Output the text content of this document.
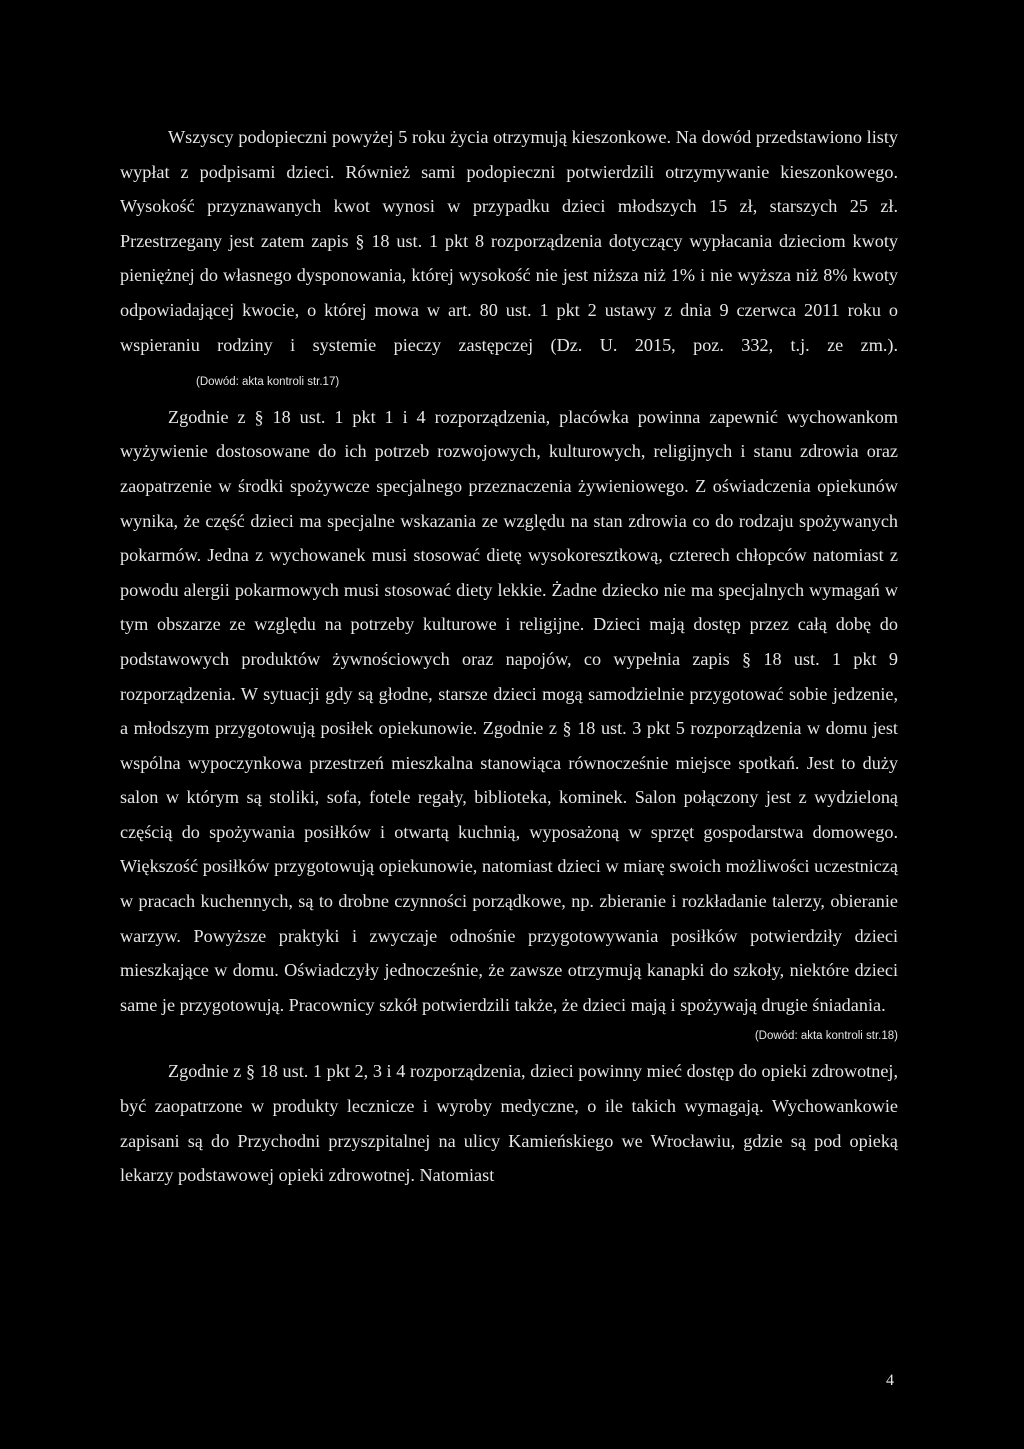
Wszyscy podopieczni powyżej 5 roku życia otrzymują kieszonkowe. Na dowód przedstawiono listy wypłat z podpisami dzieci. Również sami podopieczni potwierdzili otrzymywanie kieszonkowego. Wysokość przyznawanych kwot wynosi w przypadku dzieci młodszych 15 zł, starszych 25 zł. Przestrzegany jest zatem zapis § 18 ust. 1 pkt 8 rozporządzenia dotyczący wypłacania dzieciom kwoty pieniężnej do własnego dysponowania, której wysokość nie jest niższa niż 1% i nie wyższa niż 8% kwoty odpowiadającej kwocie, o której mowa w art. 80 ust. 1 pkt 2 ustawy z dnia 9 czerwca 2011 roku o wspieraniu rodziny i systemie pieczy zastępczej (Dz. U. 2015, poz. 332, t.j. ze zm.).(Dowód: akta kontroli str.17)

Zgodnie z § 18 ust. 1 pkt 1 i 4 rozporządzenia, placówka powinna zapewnić wychowankom wyżywienie dostosowane do ich potrzeb rozwojowych, kulturowych, religijnych i stanu zdrowia oraz zaopatrzenie w środki spożywcze specjalnego przeznaczenia żywieniowego. Z oświadczenia opiekunów wynika, że część dzieci ma specjalne wskazania ze względu na stan zdrowia co do rodzaju spożywanych pokarmów. Jedna z wychowanek musi stosować dietę wysokoresztkową, czterech chłopców natomiast z powodu alergii pokarmowych musi stosować diety lekkie. Żadne dziecko nie ma specjalnych wymagań w tym obszarze ze względu na potrzeby kulturowe i religijne. Dzieci mają dostęp przez całą dobę do podstawowych produktów żywnościowych oraz napojów, co wypełnia zapis § 18 ust. 1 pkt 9 rozporządzenia. W sytuacji gdy są głodne, starsze dzieci mogą samodzielnie przygotować sobie jedzenie, a młodszym przygotowują posiłek opiekunowie. Zgodnie z § 18 ust. 3 pkt 5 rozporządzenia w domu jest wspólna wypoczynkowa przestrzeń mieszkalna stanowiąca równocześnie miejsce spotkań. Jest to duży salon w którym są stoliki, sofa, fotele regały, biblioteka, kominek. Salon połączony jest z wydzieloną częścią do spożywania posiłków i otwartą kuchnią, wyposażoną w sprzęt gospodarstwa domowego. Większość posiłków przygotowują opiekunowie, natomiast dzieci w miarę swoich możliwości uczestniczą w pracach kuchennych, są to drobne czynności porządkowe, np. zbieranie i rozkładanie talerzy, obieranie warzyw. Powyższe praktyki i zwyczaje odnośnie przygotowywania posiłków potwierdziły dzieci mieszkające w domu. Oświadczyły jednocześnie, że zawsze otrzymują kanapki do szkoły, niektóre dzieci same je przygotowują. Pracownicy szkół potwierdzili także, że dzieci mają i spożywają drugie śniadania.

(Dowód: akta kontroli str.18)

Zgodnie z § 18 ust. 1 pkt 2, 3 i 4 rozporządzenia, dzieci powinny mieć dostęp do opieki zdrowotnej, być zaopatrzone w produkty lecznicze i wyroby medyczne, o ile takich wymagają. Wychowankowie zapisani są do Przychodni przyszpitalnej na ulicy Kamieńskiego we Wrocławiu, gdzie są pod opieką lekarzy podstawowej opieki zdrowotnej. Natomiast

4
